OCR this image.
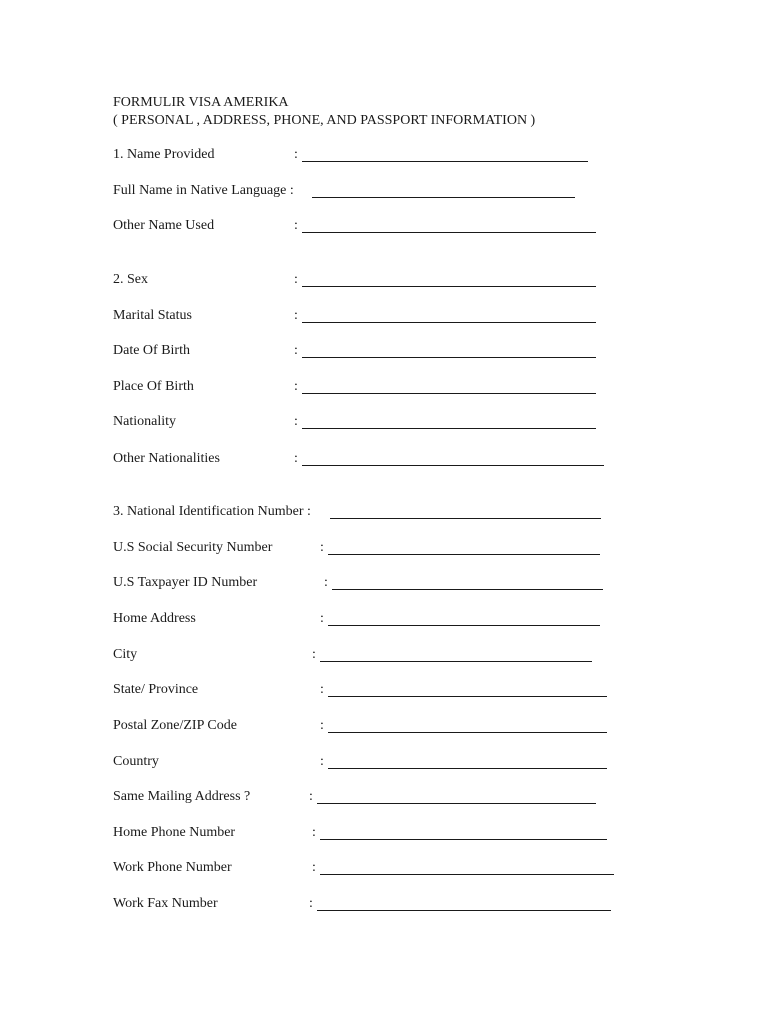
FORMULIR VISA AMERIKA
( PERSONAL , ADDRESS, PHONE, AND PASSPORT INFORMATION )
1. Name Provided	:
Full Name in Native Language :
Other Name Used	:
2. Sex	:
Marital Status	:
Date Of Birth	:
Place Of Birth	:
Nationality	:
Other Nationalities	:
3. National Identification Number :
U.S Social Security Number	:
U.S Taxpayer ID Number	:
Home Address	:
City	:
State/ Province	:
Postal Zone/ZIP Code	:
Country	:
Same Mailing Address ?	:
Home Phone Number	:
Work Phone Number	:
Work Fax Number	:
